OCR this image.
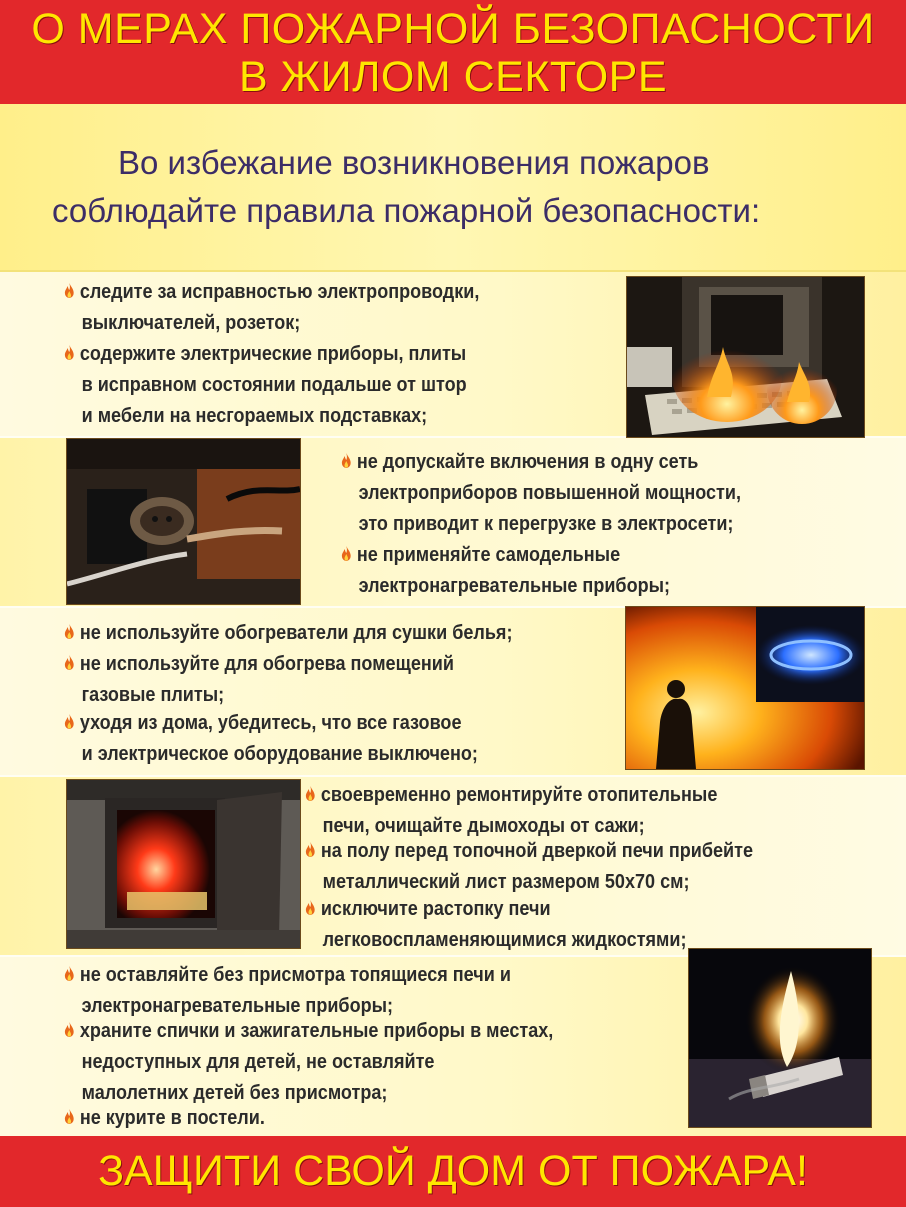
О МЕРАХ ПОЖАРНОЙ БЕЗОПАСНОСТИ
В ЖИЛОМ СЕКТОРЕ
Во избежание возникновения пожаров
соблюдайте правила пожарной безопасности:
следите за исправностью электропроводки,
выключателей, розеток;
содержите электрические приборы, плиты
в исправном состоянии подальше от штор
и мебели на несгораемых подставках;
не допускайте включения в одну сеть
электроприборов повышенной мощности,
это приводит к перегрузке в электросети;
не применяйте самодельные
электронагревательные приборы;
не используйте обогреватели для сушки белья;
не используйте для обогрева помещений
газовые плиты;
уходя из дома, убедитесь, что все газовое
и электрическое оборудование выключено;
своевременно ремонтируйте отопительные
печи, очищайте дымоходы от сажи;
на полу перед топочной дверкой печи прибейте
металлический лист размером 50х70 см;
исключите растопку печи
легковоспламеняющимися жидкостями;
не оставляйте без присмотра топящиеся печи и
электронагревательные приборы;
храните спички и зажигательные приборы в местах,
недоступных для детей, не оставляйте
малолетних детей без присмотра;
не курите в постели.
ЗАЩИТИ СВОЙ ДОМ ОТ ПОЖАРА!
